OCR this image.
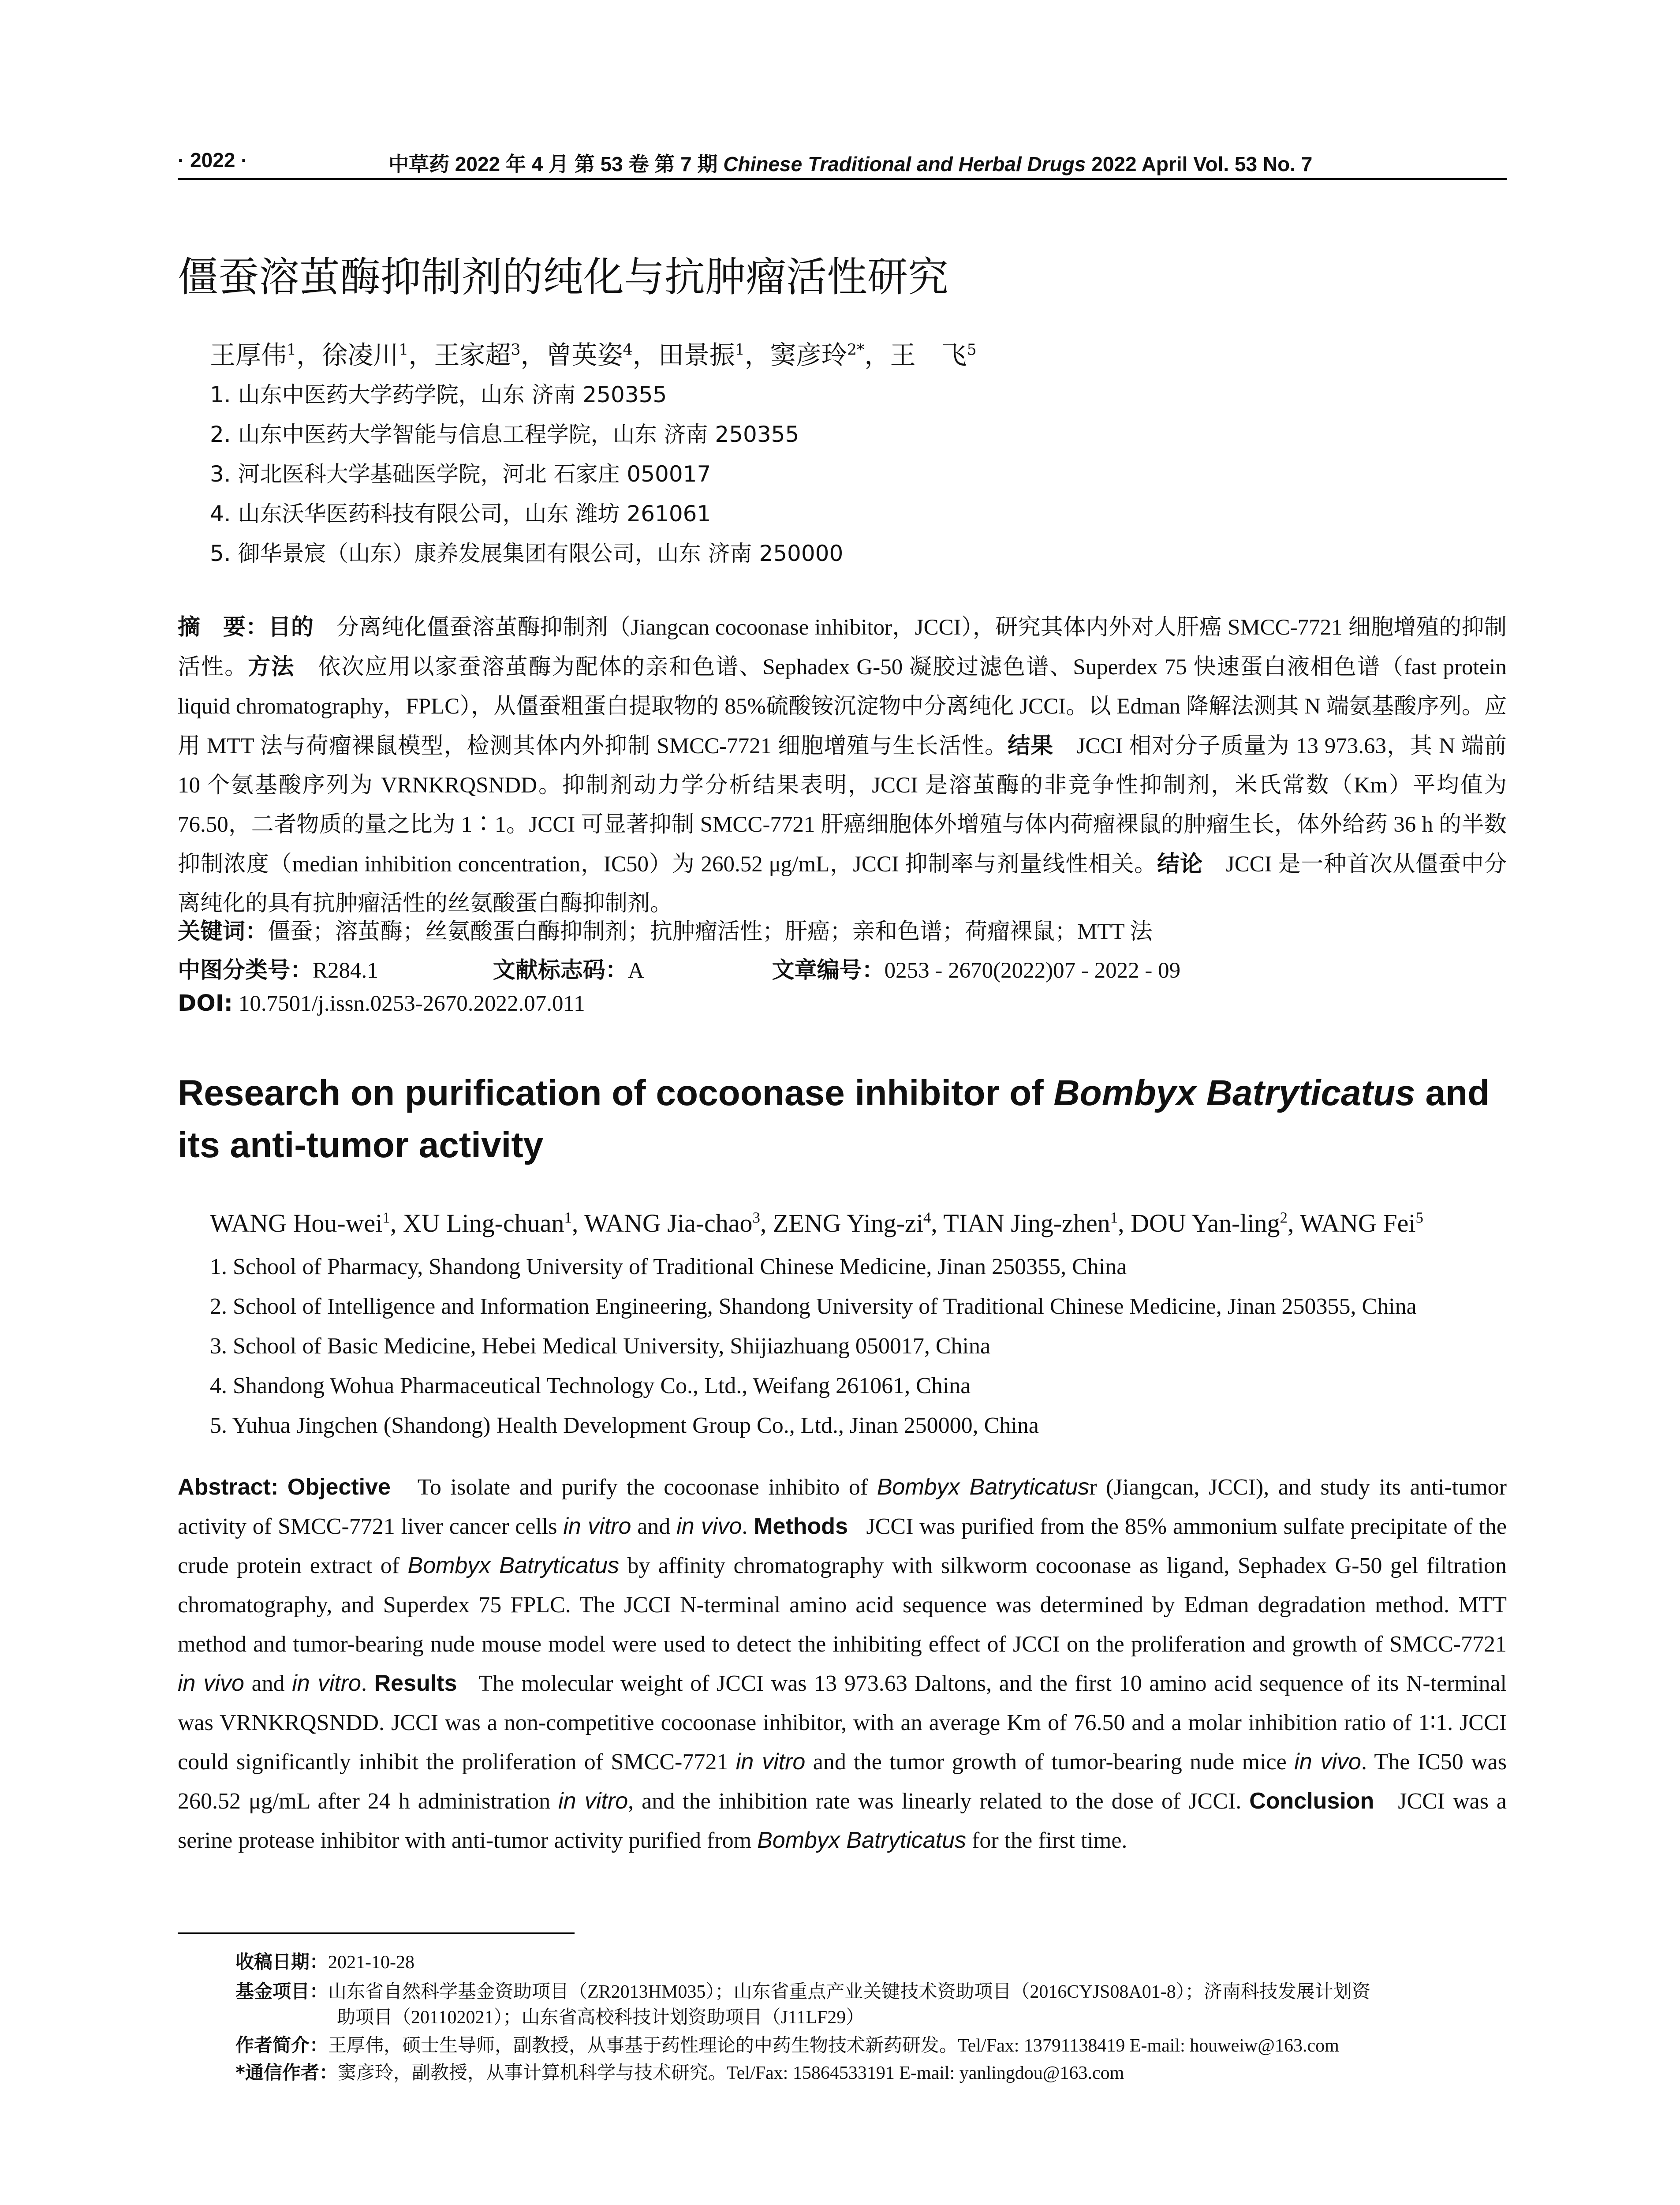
· 2022 ·	中草药 2022 年 4 月 第 53 卷 第 7 期 Chinese Traditional and Herbal Drugs 2022 April Vol. 53 No. 7
僵蚕溶茧酶抑制剂的纯化与抗肿瘤活性研究
王厚伟$^1$，徐凌川$^1$，王家超$^3$，曾英姿$^4$，田景振$^1$，窦彦玲$^{2*}$，王　飞$^5$
1. 山东中医药大学药学院，山东 济南 250355
2. 山东中医药大学智能与信息工程学院，山东 济南 250355
3. 河北医科大学基础医学院，河北 石家庄 050017
4. 山东沃华医药科技有限公司，山东 潍坊 261061
5. 御华景宸（山东）康养发展集团有限公司，山东 济南 250000
摘　要：目的　 分离纯化僵蚕溶茧酶抑制剂（Jiangcan cocoonase inhibitor，JCCI），研究其体内外对人肝癌 SMCC-7721 细胞增殖的抑制活性。方法　 依次应用以家蚕溶茧酶为配体的亲和色谱、Sephadex G-50 凝胶过滤色谱、Superdex 75 快速蛋白液相色谱（fast protein liquid chromatography，FPLC），从僵蚕粗蛋白提取物的 85%硫酸铵沉淀物中分离纯化 JCCI。以 Edman 降解法测其 N 端氨基酸序列。应用 MTT 法与荷瘤裸鼠模型，检测其体内外抑制 SMCC-7721 细胞增殖与生长活性。结果　 JCCI 相对分子质量为 13 973.63，其 N 端前 10 个氨基酸序列为 VRNKRQSNDD。抑制剂动力学分析结果表明，JCCI 是溶茧酶的非竞争性抑制剂，米氏常数（Km）平均值为 76.50，二者物质的量之比为 1∶1。JCCI 可显著抑制 SMCC-7721 肝癌细胞体外增殖与体内荷瘤裸鼠的肿瘤生长，体外给药 36 h 的半数抑制浓度（median inhibition concentration，IC50）为 260.52 μg/mL，JCCI 抑制率与剂量线性相关。结论　 JCCI 是一种首次从僵蚕中分离纯化的具有抗肿瘤活性的丝氨酸蛋白酶抑制剂。
关键词：僵蚕；溶茧酶；丝氨酸蛋白酶抑制剂；抗肿瘤活性；肝癌；亲和色谱；荷瘤裸鼠；MTT 法
中图分类号：R284.1	文献标志码：A	文章编号：0253 - 2670(2022)07 - 2022 - 09
DOI: 10.7501/j.issn.0253-2670.2022.07.011
Research on purification of cocoonase inhibitor of Bombyx Batryticatus and its anti-tumor activity
WANG Hou-wei$^1$, XU Ling-chuan$^1$, WANG Jia-chao$^3$, ZENG Ying-$zi^4$, TIAN Jing-zhen$^1$, DOU Yan-ling$^2$, WANG Fei$^5$
1. School of Pharmacy, Shandong University of Traditional Chinese Medicine, Jinan 250355, China
2. School of Intelligence and Information Engineering, Shandong University of Traditional Chinese Medicine, Jinan 250355, China
3. School of Basic Medicine, Hebei Medical University, Shijiazhuang 050017, China
4. Shandong Wohua Pharmaceutical Technology Co., Ltd., Weifang 261061, China
5. Yuhua Jingchen (Shandong) Health Development Group Co., Ltd., Jinan 250000, China
Abstract: Objective To isolate and purify the cocoonase inhibito of Bombyx Batryticatusr (Jiangcan, JCCI), and study its anti-tumor activity of SMCC-7721 liver cancer cells in vitro and in vivo. Methods JCCI was purified from the 85% ammonium sulfate precipitate of the crude protein extract of Bombyx Batryticatus by affinity chromatography with silkworm cocoonase as ligand, Sephadex G-50 gel filtration chromatography, and Superdex 75 FPLC. The JCCI N-terminal amino acid sequence was determined by Edman degradation method. MTT method and tumor-bearing nude mouse model were used to detect the inhibiting effect of JCCI on the proliferation and growth of SMCC-7721 in vivo and in vitro. Results The molecular weight of JCCI was 13 973.63 Daltons, and the first 10 amino acid sequence of its N-terminal was VRNKRQSNDD. JCCI was a non-competitive cocoonase inhibitor, with an average Km of 76.50 and a molar inhibition ratio of 1∶1. JCCI could significantly inhibit the proliferation of SMCC-7721 in vitro and the tumor growth of tumor-bearing nude mice in vivo. The IC50 was 260.52 μg/mL after 24 h administration in vitro, and the inhibition rate was linearly related to the dose of JCCI. Conclusion JCCI was a serine protease inhibitor with anti-tumor activity purified from Bombyx Batryticatus for the first time.
收稿日期：2021-10-28
基金项目：山东省自然科学基金资助项目（ZR2013HM035）；山东省重点产业关键技术资助项目（2016CYJS08A01-8）；济南科技发展计划资
助项目（201102021）；山东省高校科技计划资助项目（J11LF29）
作者简介：王厚伟，硕士生导师，副教授，从事基于药性理论的中药生物技术新药研发。Tel/Fax: 13791138419 E-mail: houweiw@163.com
*通信作者：窦彦玲，副教授，从事计算机科学与技术研究。Tel/Fax: 15864533191 E-mail: yanlingdou@163.com
